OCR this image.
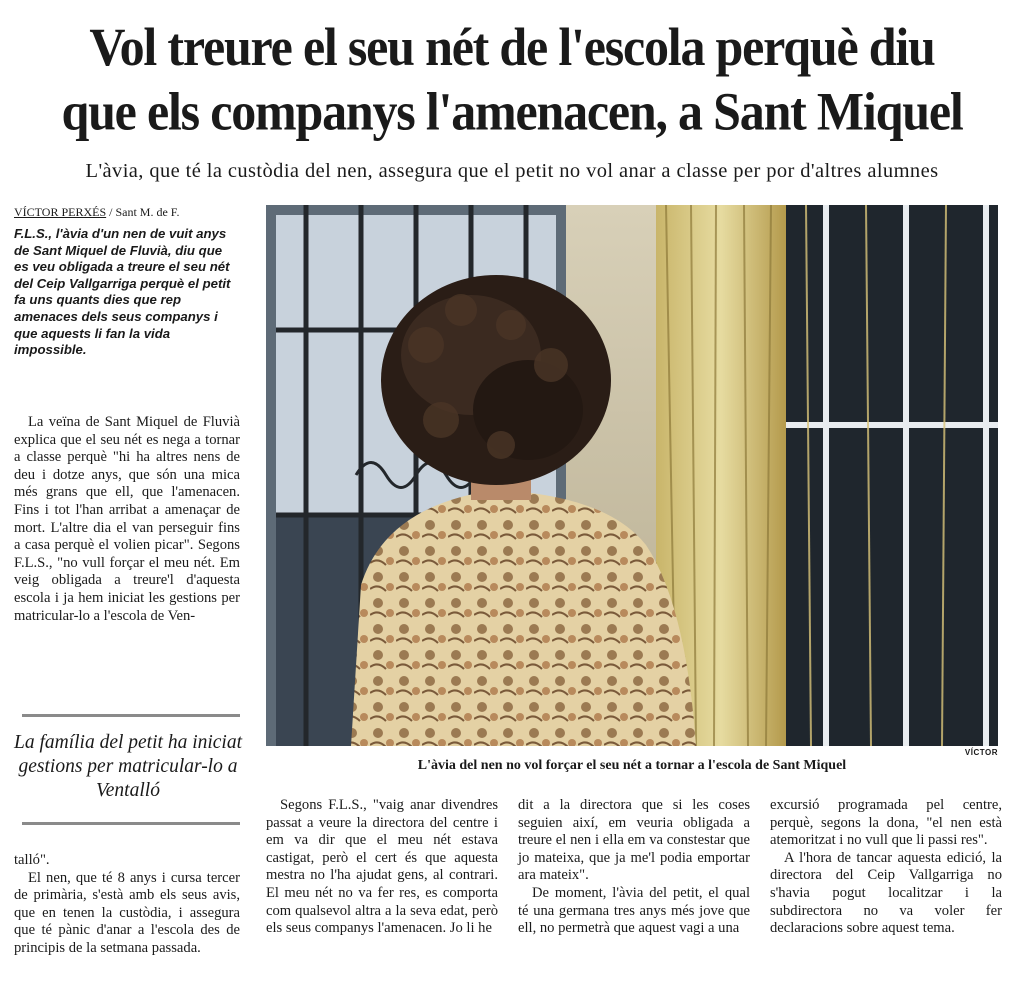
Vol treure el seu nét de l'escola perquè diu
que els companys l'amenacen, a Sant Miquel
L'àvia, que té la custòdia del nen, assegura que el petit no vol anar a classe per por d'altres alumnes
VÍCTOR PERXÉS / Sant M. de F.
F.L.S., l'àvia d'un nen de vuit anys de Sant Miquel de Fluvià, diu que es veu obligada a treure el seu nét del Ceip Vallgarriga perquè el petit fa uns quants dies que rep amenaces dels seus companys i que aquests li fan la vida impossible.

La veïna de Sant Miquel de Fluvià explica que el seu nét es nega a tornar a classe perquè "hi ha altres nens de deu i dotze anys, que són una mica més grans que ell, que l'amenacen. Fins i tot l'han arribat a amenaçar de mort. L'altre dia el van perseguir fins a casa perquè el volien picar". Segons F.L.S., "no vull forçar el meu nét. Em veig obligada a treure'l d'aquesta escola i ja hem iniciat les gestions per matricular-lo a l'escola de Ven-

La família del petit ha iniciat gestions per matricular-lo a Ventalló

talló".

El nen, que té 8 anys i cursa tercer de primària, s'està amb els seus avis, que en tenen la custòdia, i assegura que té pànic d'anar a l'escola des de principis de la setmana passada.

VÍCTOR
L'àvia del nen no vol forçar el seu nét a tornar a l'escola de Sant Miquel

Segons F.L.S., "vaig anar divendres passat a veure la directora del centre i em va dir que el meu nét estava castigat, però el cert és que aquesta mestra no l'ha ajudat gens, al contrari. El meu nét no va fer res, es comporta com qualsevol altra a la seva edat, però els seus companys l'amenacen. Jo li he

dit a la directora que si les coses seguien així, em veuria obligada a treure el nen i ella em va constestar que jo mateixa, que ja me'l podia emportar ara mateix".

De moment, l'àvia del petit, el qual té una germana tres anys més jove que ell, no permetrà que aquest vagi a una

excursió programada pel centre, perquè, segons la dona, "el nen està atemoritzat i no vull que li passi res".

A l'hora de tancar aquesta edició, la directora del Ceip Vallgarriga no s'havia pogut localitzar i la subdirectora no va voler fer declaracions sobre aquest tema.
